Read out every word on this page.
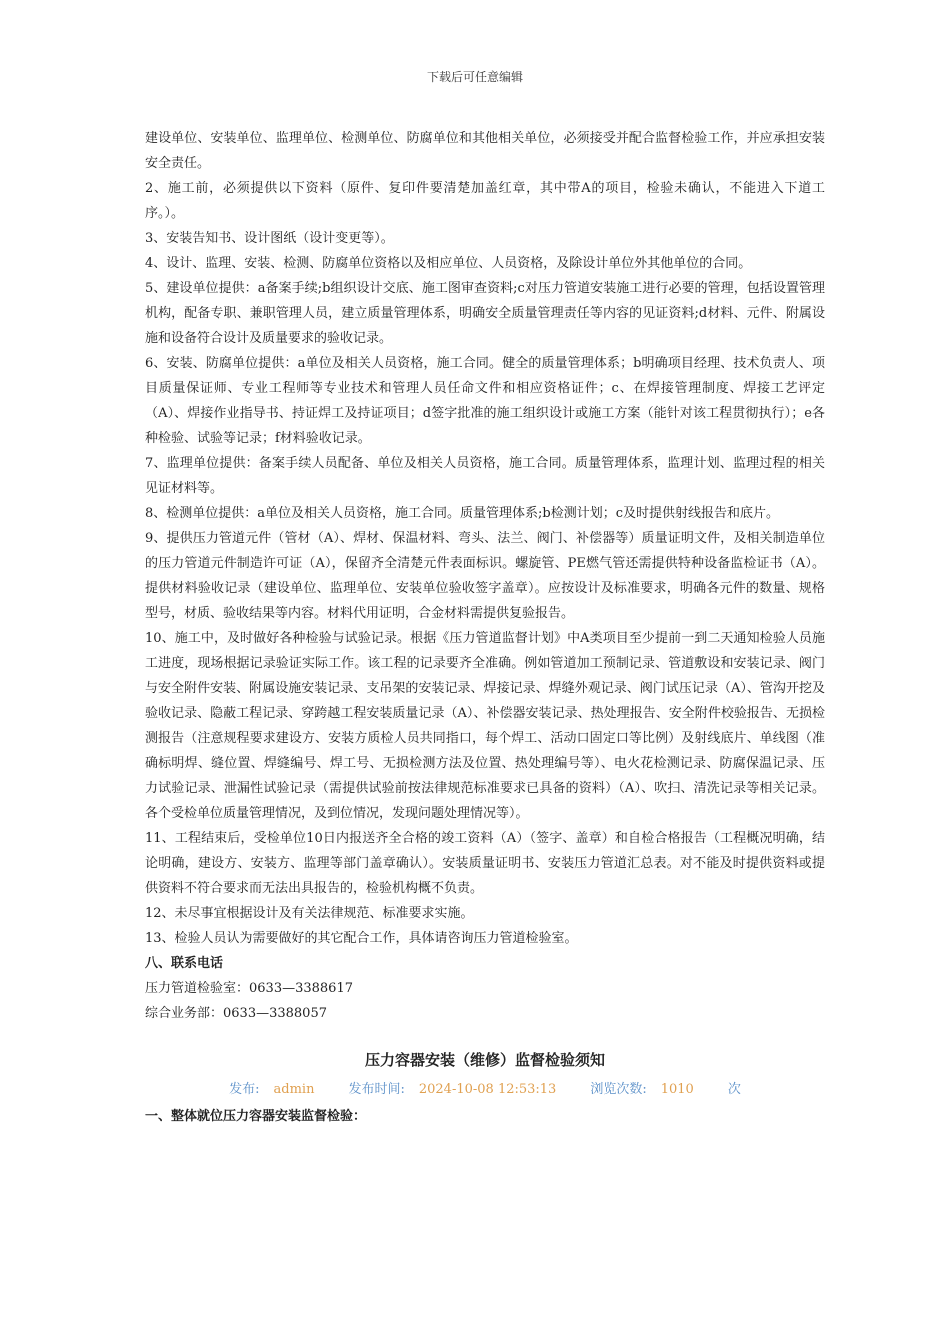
下载后可任意编辑

建设单位、安装单位、监理单位、检测单位、防腐单位和其他相关单位，必须接受并配合监督检验工作，并应承担安装安全责任。

2、施工前，必须提供以下资料（原件、复印件要清楚加盖红章，其中带A的项目，检验未确认，不能进入下道工序。）。

3、安装告知书、设计图纸（设计变更等）。

4、设计、监理、安装、检测、防腐单位资格以及相应单位、人员资格，及除设计单位外其他单位的合同。

5、建设单位提供：a备案手续;b组织设计交底、施工图审查资料;c对压力管道安装施工进行必要的管理，包括设置管理机构，配备专职、兼职管理人员，建立质量管理体系，明确安全质量管理责任等内容的见证资料;d材料、元件、附属设施和设备符合设计及质量要求的验收记录。

6、安装、防腐单位提供：a单位及相关人员资格，施工合同。健全的质量管理体系；b明确项目经理、技术负责人、项目质量保证师、专业工程师等专业技术和管理人员任命文件和相应资格证件；c、在焊接管理制度、焊接工艺评定（A）、焊接作业指导书、持证焊工及持证项目；d签字批准的施工组织设计或施工方案（能针对该工程贯彻执行）；e各种检验、试验等记录；f材料验收记录。

7、监理单位提供：备案手续人员配备、单位及相关人员资格，施工合同。质量管理体系，监理计划、监理过程的相关见证材料等。

8、检测单位提供：a单位及相关人员资格，施工合同。质量管理体系;b检测计划；c及时提供射线报告和底片。

9、提供压力管道元件（管材（A）、焊材、保温材料、弯头、法兰、阀门、补偿器等）质量证明文件，及相关制造单位的压力管道元件制造许可证（A），保留齐全清楚元件表面标识。螺旋管、PE燃气管还需提供特种设备监检证书（A）。提供材料验收记录（建设单位、监理单位、安装单位验收签字盖章）。应按设计及标准要求，明确各元件的数量、规格型号，材质、验收结果等内容。材料代用证明，合金材料需提供复验报告。

10、施工中，及时做好各种检验与试验记录。根据《压力管道监督计划》中A类项目至少提前一到二天通知检验人员施工进度，现场根据记录验证实际工作。该工程的记录要齐全准确。例如管道加工预制记录、管道敷设和安装记录、阀门与安全附件安装、附属设施安装记录、支吊架的安装记录、焊接记录、焊缝外观记录、阀门试压记录（A）、管沟开挖及验收记录、隐蔽工程记录、穿跨越工程安装质量记录（A）、补偿器安装记录、热处理报告、安全附件校验报告、无损检测报告（注意规程要求建设方、安装方质检人员共同指口，每个焊工、活动口固定口等比例）及射线底片、单线图（准确标明焊、缝位置、焊缝编号、焊工号、无损检测方法及位置、热处理编号等）、电火花检测记录、防腐保温记录、压力试验记录、泄漏性试验记录（需提供试验前按法律规范标准要求已具备的资料）（A）、吹扫、清洗记录等相关记录。各个受检单位质量管理情况，及到位情况，发现问题处理情况等）。

11、工程结束后，受检单位10日内报送齐全合格的竣工资料（A）（签字、盖章）和自检合格报告（工程概况明确，结论明确，建设方、安装方、监理等部门盖章确认）。安装质量证明书、安装压力管道汇总表。对不能及时提供资料或提供资料不符合要求而无法出具报告的，检验机构概不负责。

12、未尽事宜根据设计及有关法律规范、标准要求实施。

13、检验人员认为需要做好的其它配合工作，具体请咨询压力管道检验室。

八、联系电话

压力管道检验室：0633—3388617

综合业务部：0633—3388057

压力容器安装（维修）监督检验须知
发布: admin	发布时间: 2024-10-08 12:53:13	浏览次数: 1010	次

一、整体就位压力容器安装监督检验：
